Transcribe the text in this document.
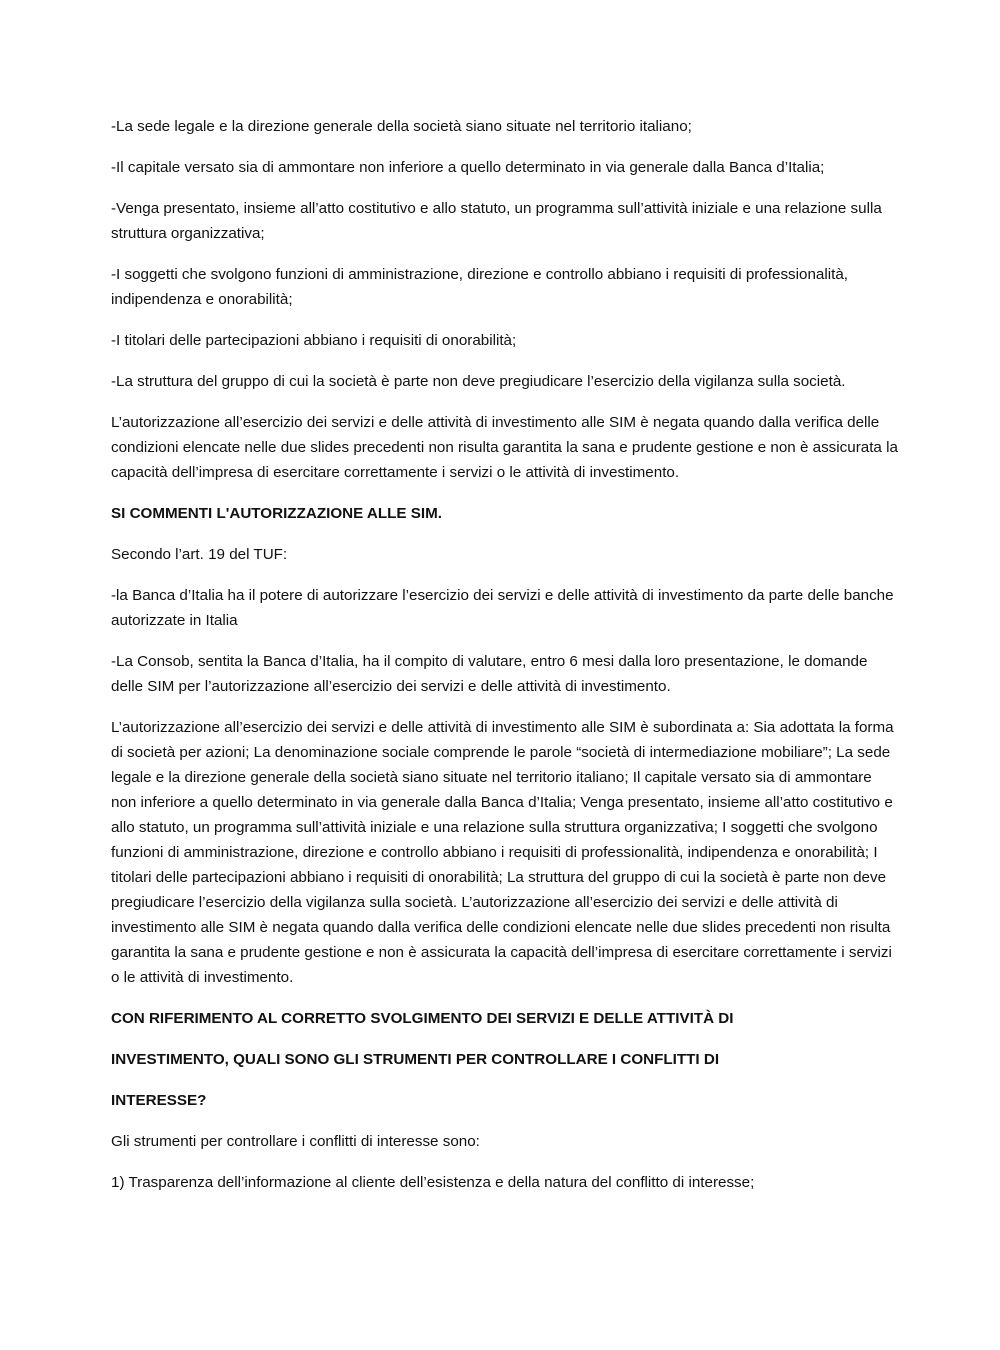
-La sede legale e la direzione generale della società siano situate nel territorio italiano;

-Il capitale versato sia di ammontare non inferiore a quello determinato in via generale dalla Banca d’Italia;

-Venga presentato, insieme all’atto costitutivo e allo statuto, un programma sull’attività iniziale e una relazione sulla struttura organizzativa;

-I soggetti che svolgono funzioni di amministrazione, direzione e controllo abbiano i requisiti di professionalità, indipendenza e onorabilità;

-I titolari delle partecipazioni abbiano i requisiti di onorabilità;

-La struttura del gruppo di cui la società è parte non deve pregiudicare l’esercizio della vigilanza sulla società.

L’autorizzazione all’esercizio dei servizi e delle attività di investimento alle SIM è negata quando dalla verifica delle condizioni elencate nelle due slides precedenti non risulta garantita la sana e prudente gestione e non è assicurata la capacità dell’impresa di esercitare correttamente i servizi o le attività di investimento.

SI COMMENTI L'AUTORIZZAZIONE ALLE SIM.

Secondo l’art. 19 del TUF:

-la Banca d’Italia ha il potere di autorizzare l’esercizio dei servizi e delle attività di investimento da parte delle banche autorizzate in Italia

-La Consob, sentita la Banca d’Italia, ha il compito di valutare, entro 6 mesi dalla loro presentazione, le domande delle SIM per l’autorizzazione all’esercizio dei servizi e delle attività di investimento.

L’autorizzazione all’esercizio dei servizi e delle attività di investimento alle SIM è subordinata a: Sia adottata la forma di società per azioni; La denominazione sociale comprende le parole “società di intermediazione mobiliare”; La sede legale e la direzione generale della società siano situate nel territorio italiano; Il capitale versato sia di ammontare non inferiore a quello determinato in via generale dalla Banca d’Italia; Venga presentato, insieme all’atto costitutivo e allo statuto, un programma sull’attività iniziale e una relazione sulla struttura organizzativa; I soggetti che svolgono funzioni di amministrazione, direzione e controllo abbiano i requisiti di professionalità, indipendenza e onorabilità; I titolari delle partecipazioni abbiano i requisiti di onorabilità; La struttura del gruppo di cui la società è parte non deve pregiudicare l’esercizio della vigilanza sulla società. L’autorizzazione all’esercizio dei servizi e delle attività di investimento alle SIM è negata quando dalla verifica delle condizioni elencate nelle due slides precedenti non risulta garantita la sana e prudente gestione e non è assicurata la capacità dell’impresa di esercitare correttamente i servizi o le attività di investimento.

CON RIFERIMENTO AL CORRETTO SVOLGIMENTO DEI SERVIZI E DELLE ATTIVITÀ DI

INVESTIMENTO, QUALI SONO GLI STRUMENTI PER CONTROLLARE I CONFLITTI DI

INTERESSE?

Gli strumenti per controllare i conflitti di interesse sono:

1) Trasparenza dell’informazione al cliente dell’esistenza e della natura del conflitto di interesse;
